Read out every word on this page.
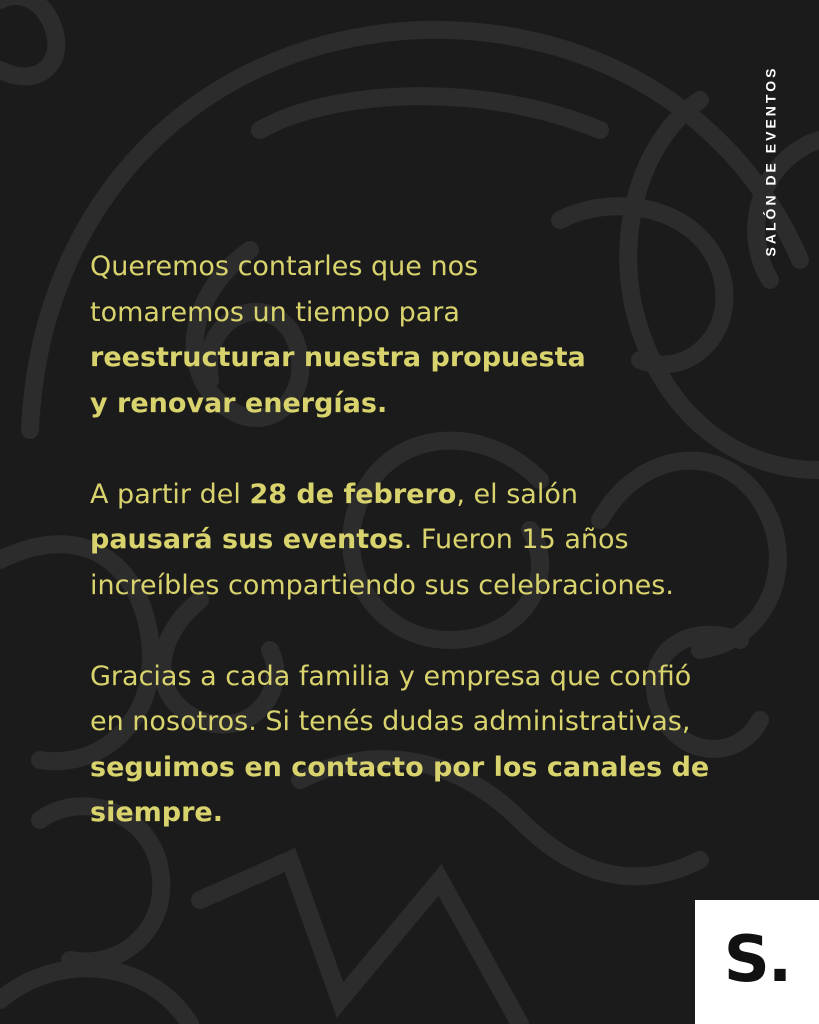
SALÓN DE EVENTOS

Queremos contarles que nos
tomaremos un tiempo para
reestructurar nuestra propuesta
y renovar energías.

A partir del 28 de febrero, el salón
pausará sus eventos. Fueron 15 años increíbles compartiendo sus celebraciones.

Gracias a cada familia y empresa que confió en nosotros. Si tenés dudas administrativas, seguimos en contacto por los canales de siempre.

S.
